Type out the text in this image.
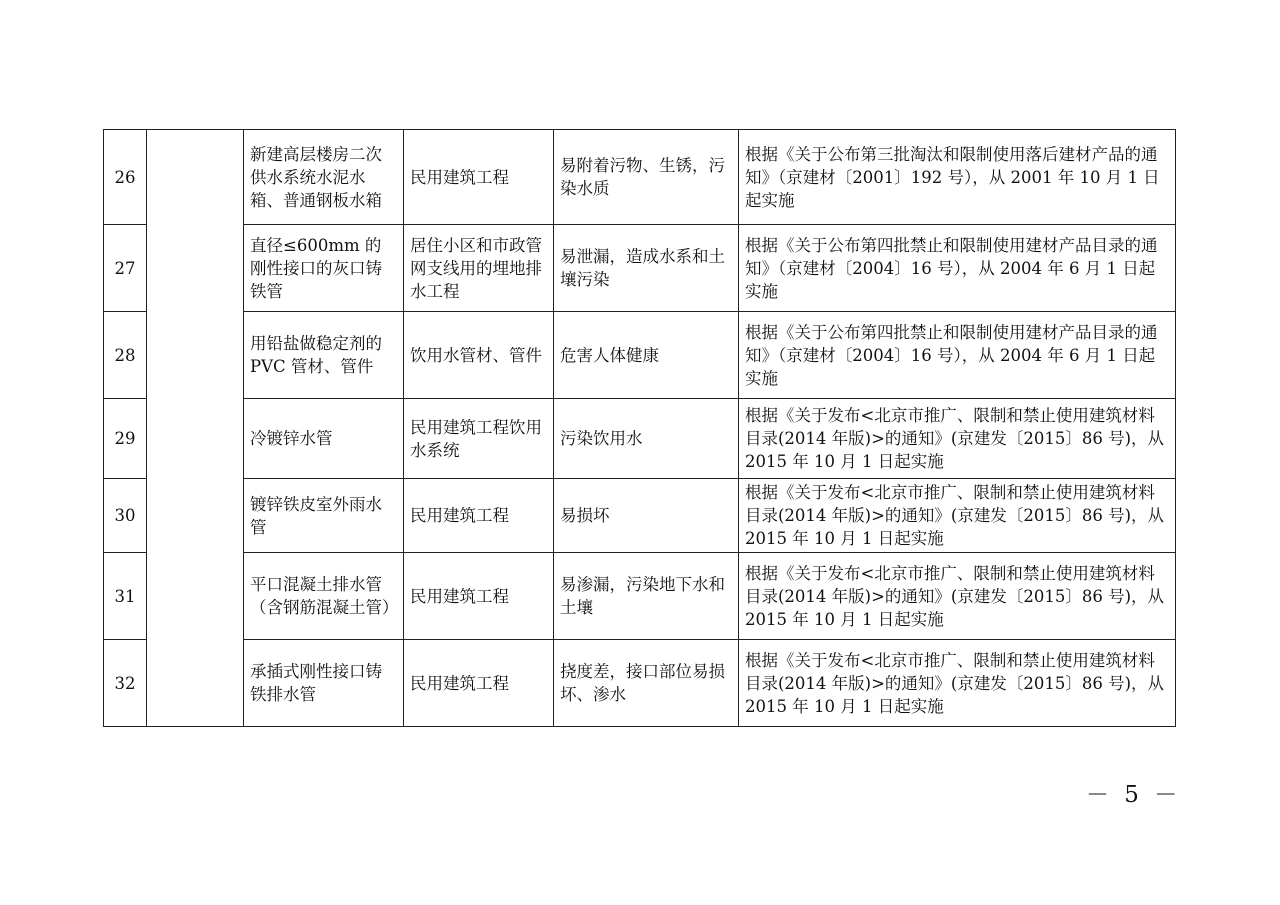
26		新建高层楼房二次供水系统水泥水箱、普通钢板水箱	民用建筑工程	易附着污物、生锈，污染水质	根据《关于公布第三批淘汰和限制使用落后建材产品的通知》（京建材〔2001〕192 号），从 2001 年 10 月 1 日 起实施
27		直径≤600mm 的刚性接口的灰口铸铁管	居住小区和市政管网支线用的埋地排水工程	易泄漏，造成水系和土壤污染	根据《关于公布第四批禁止和限制使用建材产品目录的通知》（京建材〔2004〕16 号），从 2004 年 6 月 1 日起实施
28		用铅盐做稳定剂的 PVC 管材、管件	饮用水管材、管件	危害人体健康	根据《关于公布第四批禁止和限制使用建材产品目录的通知》（京建材〔2004〕16 号），从 2004 年 6 月 1 日起实施
29		冷镀锌水管	民用建筑工程饮用水系统	污染饮用水	根据《关于发布<北京市推广、限制和禁止使用建筑材料目录(2014 年版)>的通知》(京建发〔2015〕86 号)，从 2015 年 10 月 1 日起实施
30		镀锌铁皮室外雨水管	民用建筑工程	易损坏	根据《关于发布<北京市推广、限制和禁止使用建筑材料目录(2014 年版)>的通知》(京建发〔2015〕86 号)，从 2015 年 10 月 1 日起实施
31		平口混凝土排水管（含钢筋混凝土管）	民用建筑工程	易渗漏，污染地下水和土壤	根据《关于发布<北京市推广、限制和禁止使用建筑材料目录(2014 年版)>的通知》(京建发〔2015〕86 号)，从 2015 年 10 月 1 日起实施
32		承插式刚性接口铸铁排水管	民用建筑工程	挠度差，接口部位易损坏、渗水	根据《关于发布<北京市推广、限制和禁止使用建筑材料目录(2014 年版)>的通知》(京建发〔2015〕86 号)，从 2015 年 10 月 1 日起实施
－ 5 －
